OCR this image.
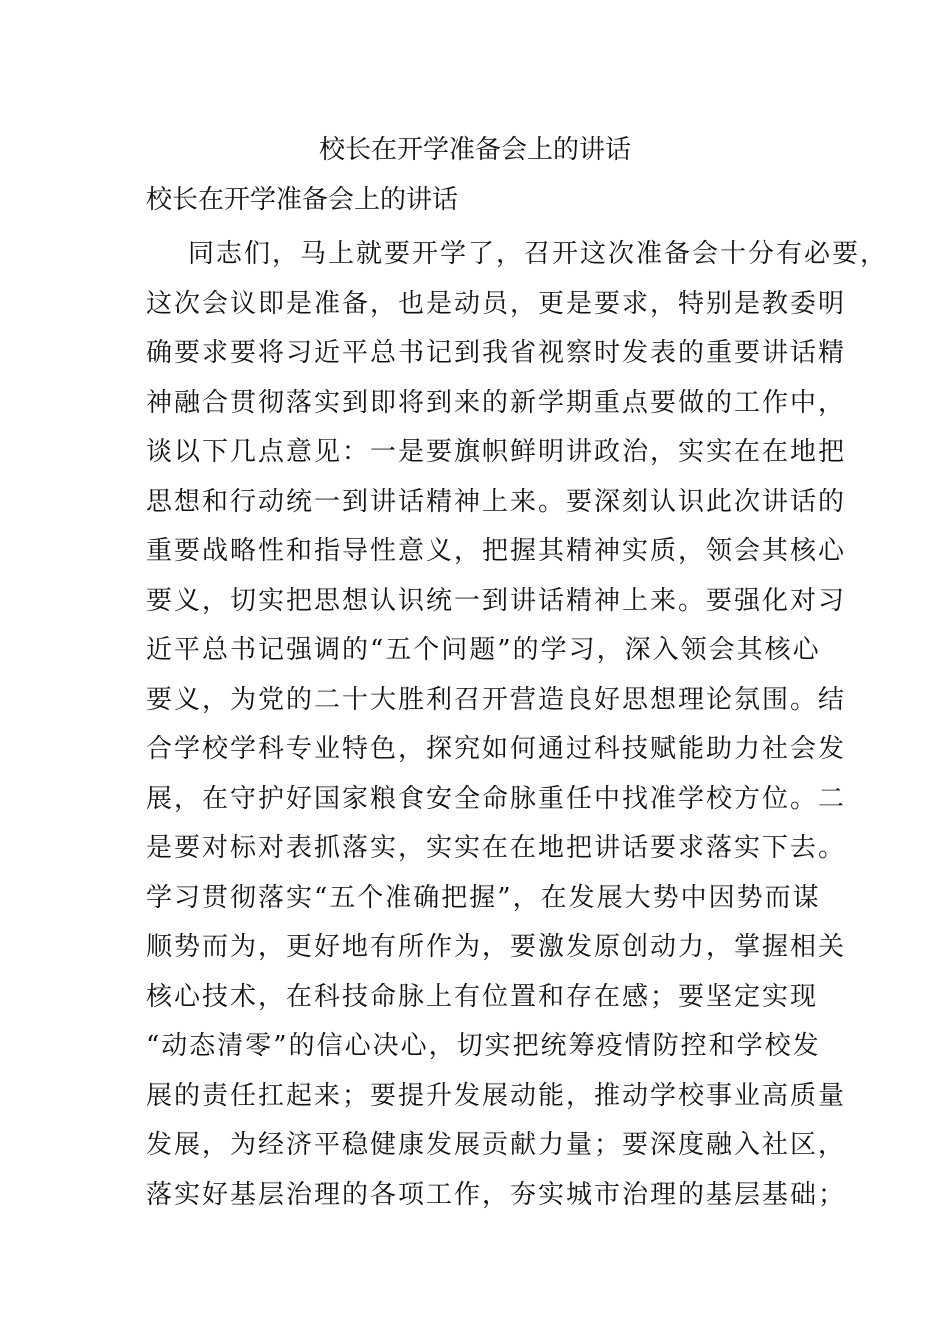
校长在开学准备会上的讲话
校长在开学准备会上的讲话
同志们，马上就要开学了，召开这次准备会十分有必要，
这次会议即是准备，也是动员，更是要求，特别是教委明
确要求要将习近平总书记到我省视察时发表的重要讲话精
神融合贯彻落实到即将到来的新学期重点要做的工作中，
谈以下几点意见：一是要旗帜鲜明讲政治，实实在在地把
思想和行动统一到讲话精神上来。要深刻认识此次讲话的
重要战略性和指导性意义，把握其精神实质，领会其核心
要义，切实把思想认识统一到讲话精神上来。要强化对习
近平总书记强调的“五个问题”的学习，深入领会其核心
要义，为党的二十大胜利召开营造良好思想理论氛围。结
合学校学科专业特色，探究如何通过科技赋能助力社会发
展，在守护好国家粮食安全命脉重任中找准学校方位。二
是要对标对表抓落实，实实在在地把讲话要求落实下去。
学习贯彻落实“五个准确把握”，在发展大势中因势而谋
顺势而为，更好地有所作为，要激发原创动力，掌握相关
核心技术，在科技命脉上有位置和存在感；要坚定实现
“动态清零”的信心决心，切实把统筹疫情防控和学校发
展的责任扛起来；要提升发展动能，推动学校事业高质量
发展，为经济平稳健康发展贡献力量；要深度融入社区，
落实好基层治理的各项工作，夯实城市治理的基层基础；
